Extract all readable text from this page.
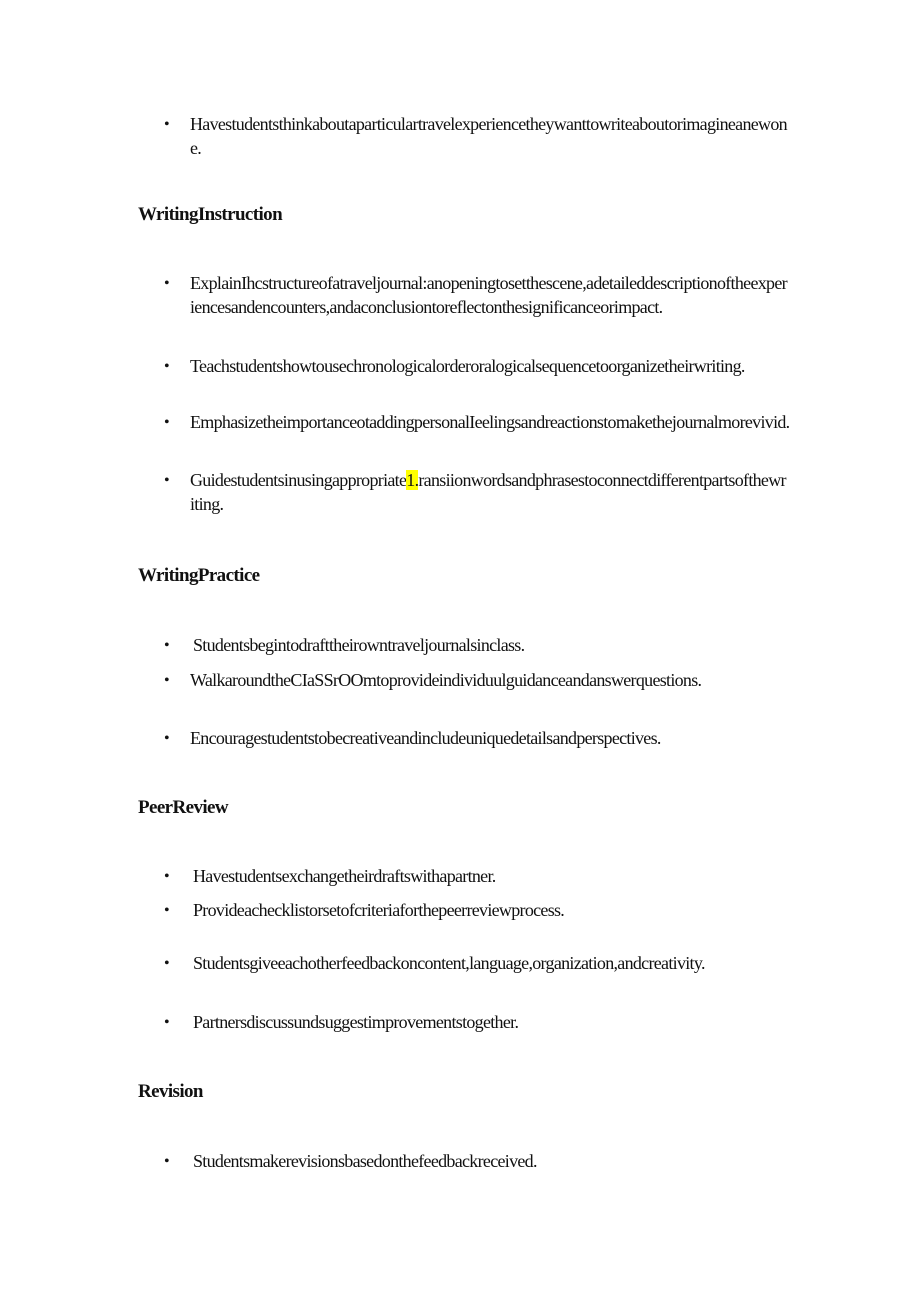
• Havestudentsthinkaboutaparticulartravelexperiencetheywanttowriteaboutorimagineanewone.

WritingInstruction

• ExplainIhcstructureofatraveljournal:anopeningtosetthescene,adetaileddescriptionoftheexperiencesandencounters,andaconclusiontoreflectonthesignificanceorimpact.

• Teachstudentshowtousechronologicalorderoralogicalsequencetoorganizetheirwriting.

• EmphasizetheimportanceotaddingpersonalIeelingsandreactionstomakethejournalmorevivid.

• Guidestudentsinusingappropriate1.ransiionwordsandphrasestoconnectdifferentpartsofthewriting.

WritingPractice

• Studentsbegintodrafttheirowntraveljournalsinclass.

• WalkaroundtheCIaSSrOOmtoprovideindividuulguidanceandanswerquestions.

• Encouragestudentstobecreativeandincludeuniquedetailsandperspectives.

PeerReview

• Havestudentsexchangetheirdraftswithapartner.

• Provideachecklistorsetofcriteriaforthepeerreviewprocess.

• Studentsgiveeachotherfeedbackoncontent,language,organization,andcreativity.

• Partnersdiscussundsuggestimprovementstogether.

Revision

• Studentsmakerevisionsbasedonthefeedbackreceived.
